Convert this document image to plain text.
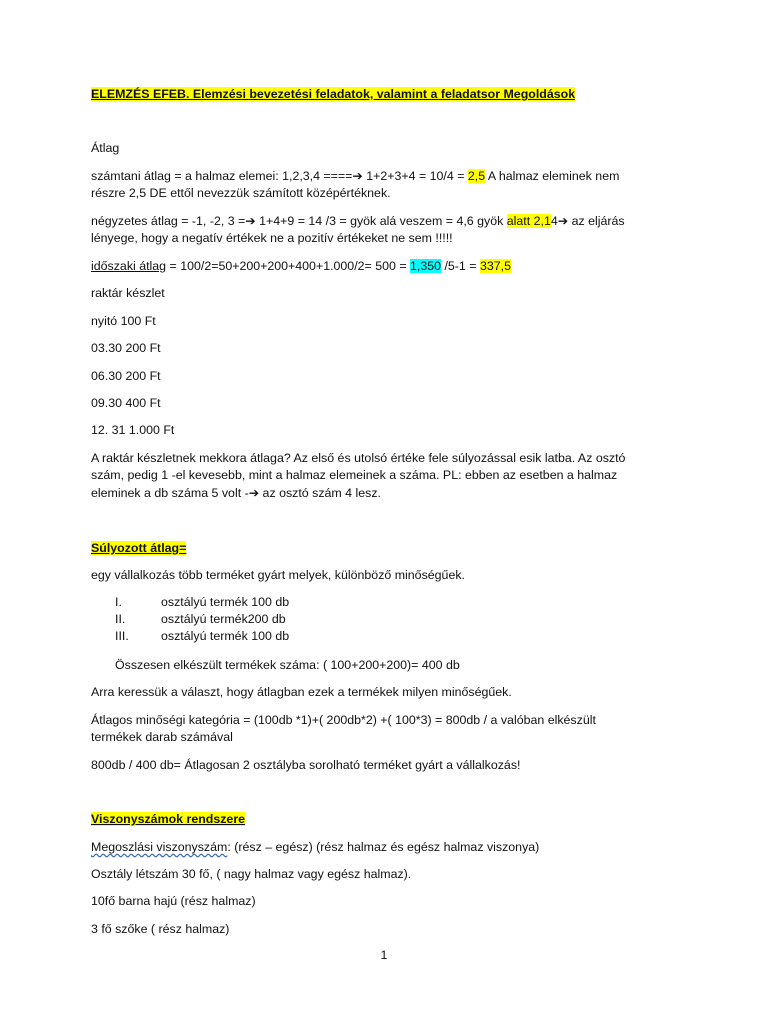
ELEMZÉS EFEB. Elemzési bevezetési feladatok, valamint a feladatsor Megoldások
Átlag
számtani átlag = a halmaz elemei: 1,2,3,4 ====➔ 1+2+3+4 = 10/4 = 2,5 A halmaz eleminek nem
részre 2,5 DE ettől nevezzük számított középértéknek.
négyzetes átlag = -1, -2, 3 =➔ 1+4+9 = 14 /3 = gyök alá veszem = 4,6 gyök alatt 2,14➔ az eljárás
lényege, hogy a negatív értékek ne a pozitív értékeket ne sem !!!!!
időszaki átlag = 100/2=50+200+200+400+1.000/2= 500 = 1,350 /5-1 = 337,5
raktár készlet
nyitó 100 Ft
03.30 200 Ft
06.30 200 Ft
09.30 400 Ft
12. 31 1.000 Ft
A raktár készletnek mekkora átlaga? Az első és utolsó értéke fele súlyozással esik latba. Az osztó
szám, pedig 1 -el kevesebb, mint a halmaz elemeinek a száma. PL: ebben az esetben a halmaz
eleminek a db száma 5 volt -➔ az osztó szám 4 lesz.
Súlyozott átlag=
egy vállalkozás több terméket gyárt melyek, különböző minőségűek.
I.	osztályú termék 100 db
II.	osztályú termék200 db
III.	osztályú termék 100 db
Összesen elkészült termékek száma: ( 100+200+200)= 400 db
Arra keressük a választ, hogy átlagban ezek a termékek milyen minőségűek.
Átlagos minőségi kategória = (100db *1)+( 200db*2) +( 100*3) = 800db / a valóban elkészült
termékek darab számával
800db / 400 db= Átlagosan 2 osztályba sorolható terméket gyárt a vállalkozás!
Viszonyszámok rendszere
Megoszlási viszonyszám: (rész – egész) (rész halmaz és egész halmaz viszonya)
Osztály létszám 30 fő, ( nagy halmaz vagy egész halmaz).
10fő barna hajú (rész halmaz)
3 fő szőke ( rész halmaz)
1
